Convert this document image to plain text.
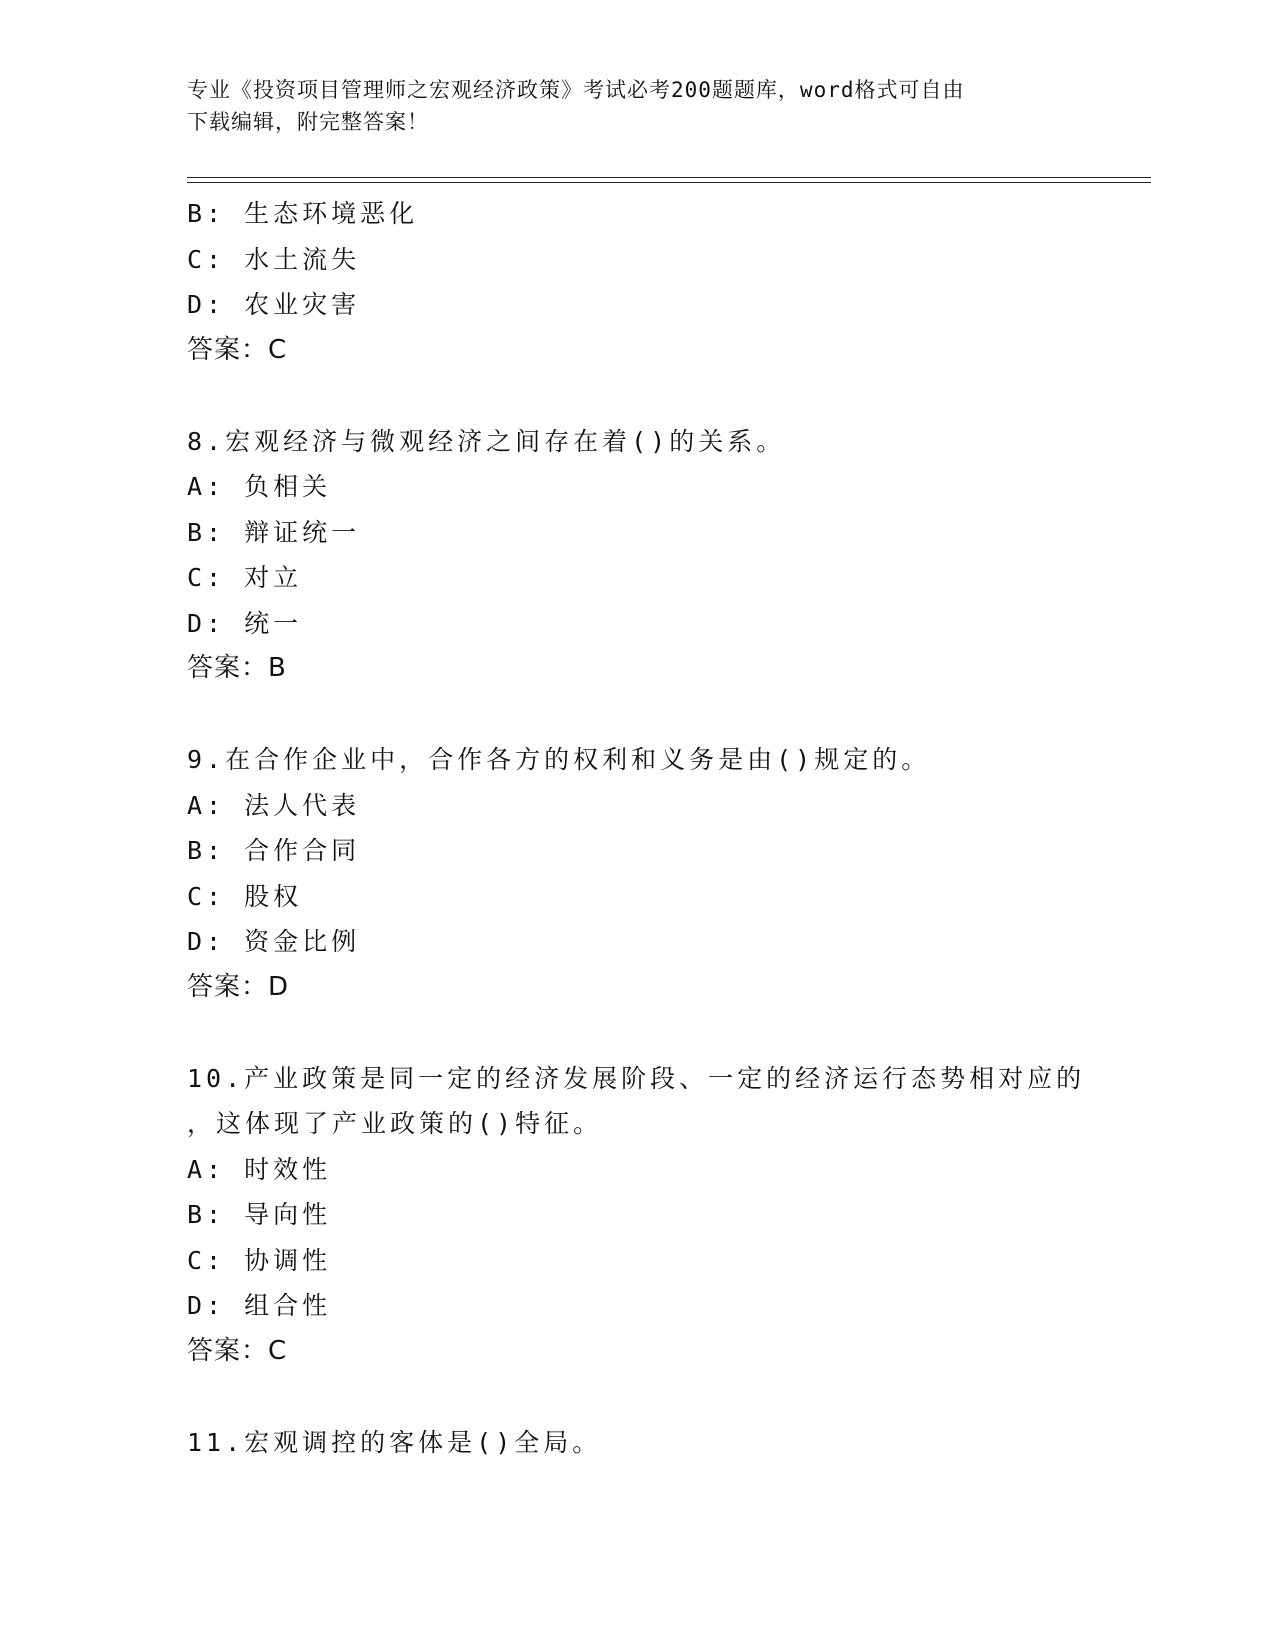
专业《投资项目管理师之宏观经济政策》考试必考200题题库，word格式可自由
下载编辑，附完整答案！
B: 生态环境恶化
C: 水土流失
D: 农业灾害
答案：C
8.宏观经济与微观经济之间存在着()的关系。
A: 负相关
B: 辩证统一
C: 对立
D: 统一
答案：B
9.在合作企业中，合作各方的权利和义务是由()规定的。
A: 法人代表
B: 合作合同
C: 股权
D: 资金比例
答案：D
10.产业政策是同一定的经济发展阶段、一定的经济运行态势相对应的
，这体现了产业政策的()特征。
A: 时效性
B: 导向性
C: 协调性
D: 组合性
答案：C
11.宏观调控的客体是()全局。
